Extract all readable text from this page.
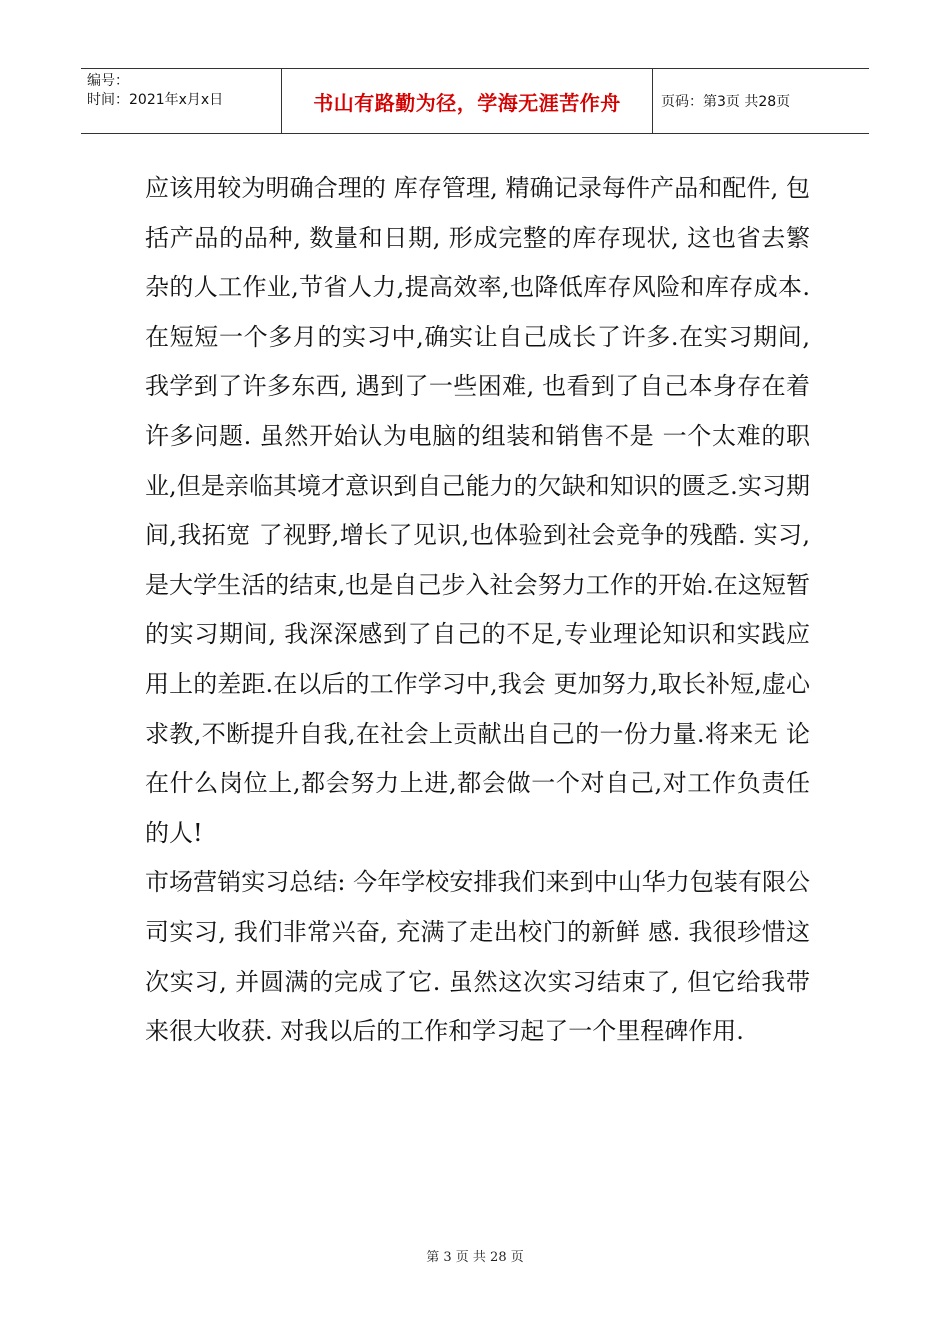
编号：
时间：2021年x月x日	书山有路勤为径，学海无涯苦作舟	页码：第3页 共28页

应该用较为明确合理的 库存管理, 精确记录每件产品和配件, 包括产品的品种, 数量和日期, 形成完整的库存现状, 这也省去繁杂的人工作业,节省人力,提高效率,也降低库存风险和库存成本. 在短短一个多月的实习中,确实让自己成长了许多.在实习期间,我学到了许多东西, 遇到了一些困难, 也看到了自己本身存在着许多问题. 虽然开始认为电脑的组装和销售不是 一个太难的职业,但是亲临其境才意识到自己能力的欠缺和知识的匮乏.实习期间,我拓宽 了视野,增长了见识,也体验到社会竞争的残酷. 实习,是大学生活的结束,也是自己步入社会努力工作的开始.在这短暂的实习期间, 我深深感到了自己的不足,专业理论知识和实践应用上的差距.在以后的工作学习中,我会 更加努力,取长补短,虚心求教,不断提升自我,在社会上贡献出自己的一份力量.将来无 论在什么岗位上,都会努力上进,都会做一个对自己,对工作负责任的人!

市场营销实习总结: 今年学校安排我们来到中山华力包装有限公司实习, 我们非常兴奋, 充满了走出校门的新鲜 感. 我很珍惜这次实习, 并圆满的完成了它. 虽然这次实习结束了, 但它给我带来很大收获. 对我以后的工作和学习起了一个里程碑作用.

第 3 页 共 28 页
